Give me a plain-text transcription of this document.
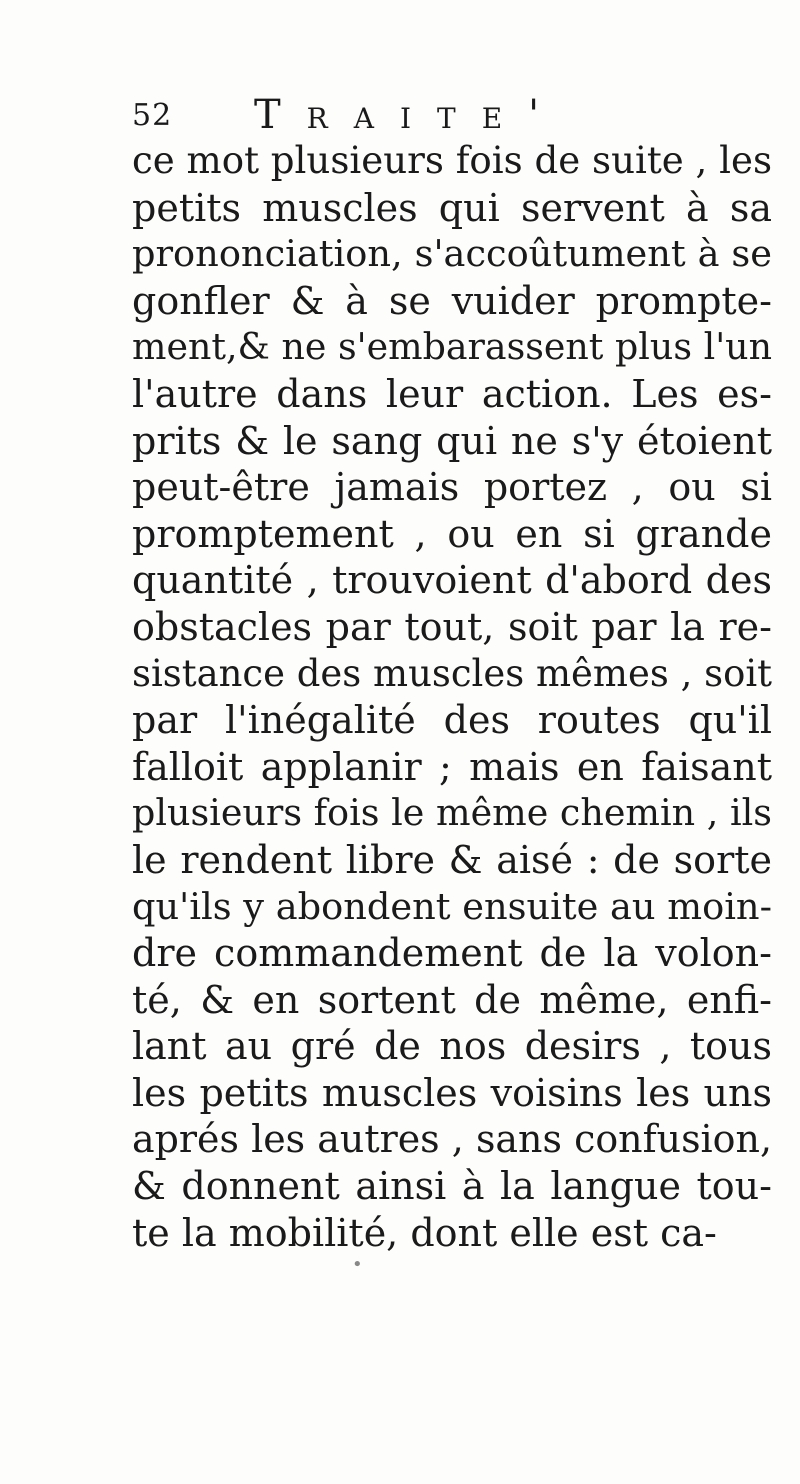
52 Traite'
ce mot plusieurs fois de suite , les
petits muscles qui servent à sa
prononciation, s'accoûtument à se
gonfler & à se vuider prompte-
ment,& ne s'embarassent plus l'un
l'autre dans leur action. Les es-
prits & le sang qui ne s'y étoient
peut-être jamais portez , ou si
promptement , ou en si grande
quantité , trouvoient d'abord des
obstacles par tout, soit par la re-
sistance des muscles mêmes , soit
par l'inégalité des routes qu'il
falloit applanir ; mais en faisant
plusieurs fois le même chemin , ils
le rendent libre & aisé : de sorte
qu'ils y abondent ensuite au moin-
dre commandement de la volon-
té, & en sortent de même, enfi-
lant au gré de nos desirs , tous
les petits muscles voisins les uns
aprés les autres , sans confusion,
& donnent ainsi à la langue tou-
te la mobilité, dont elle est ca-
•
